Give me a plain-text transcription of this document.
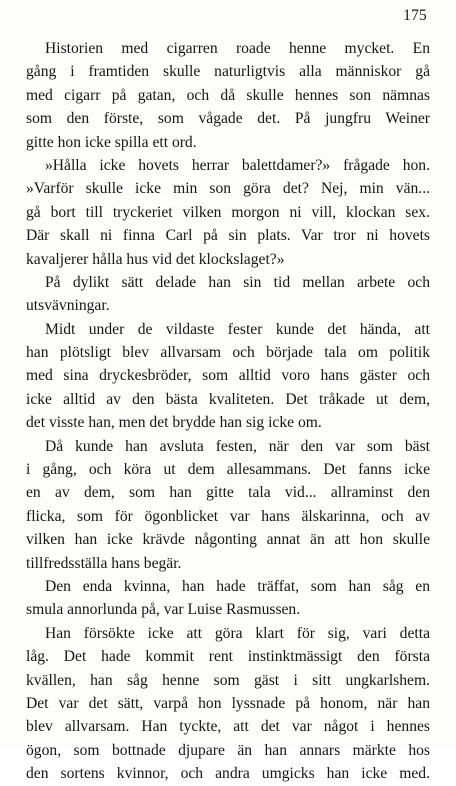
175
Historien med cigarren roade henne mycket. En
gång i framtiden skulle naturligtvis alla människor gå
med cigarr på gatan, och då skulle hennes son nämnas
som den förste, som vågade det. På jungfru Weiner
gitte hon icke spilla ett ord.
»Hålla icke hovets herrar balettdamer?» frågade hon.
»Varför skulle icke min son göra det? Nej, min vän...
gå bort till tryckeriet vilken morgon ni vill, klockan sex.
Där skall ni finna Carl på sin plats. Var tror ni hovets
kavaljerer hålla hus vid det klockslaget?»
På dylikt sätt delade han sin tid mellan arbete och
utsvävningar.
Midt under de vildaste fester kunde det hända, att
han plötsligt blev allvarsam och började tala om politik
med sina dryckesbröder, som alltid voro hans gäster och
icke alltid av den bästa kvaliteten. Det tråkade ut dem,
det visste han, men det brydde han sig icke om.
Då kunde han avsluta festen, när den var som bäst
i gång, och köra ut dem allesammans. Det fanns icke
en av dem, som han gitte tala vid... allraminst den
flicka, som för ögonblicket var hans älskarinna, och av
vilken han icke krävde någonting annat än att hon skulle
tillfredsställa hans begär.
Den enda kvinna, han hade träffat, som han såg en
smula annorlunda på, var Luise Rasmussen.
Han försökte icke att göra klart för sig, vari detta
låg. Det hade kommit rent instinktmässigt den första
kvällen, han såg henne som gäst i sitt ungkarlshem.
Det var det sätt, varpå hon lyssnade på honom, när han
blev allvarsam. Han tyckte, att det var något i hennes
ögon, som bottnade djupare än han annars märkte hos
den sortens kvinnor, och andra umgicks han icke med.
